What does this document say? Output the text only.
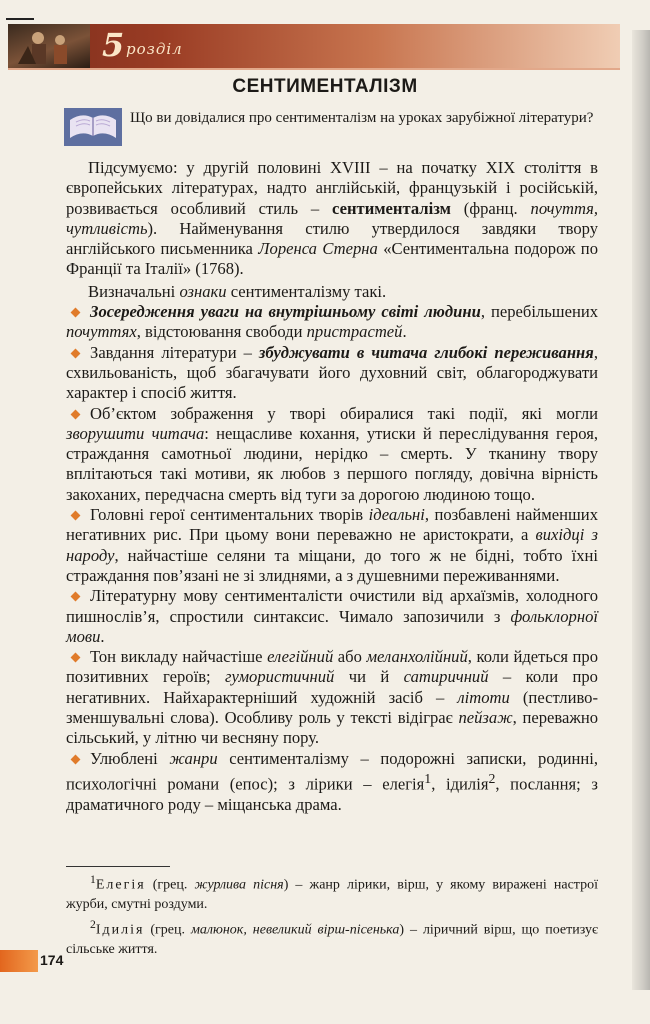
5 розділ
СЕНТИМЕНТАЛІЗМ
Що ви довідалися про сентименталізм на уроках зарубіжної літератури?

Підсумуємо: у другій половині XVIII – на початку XIX століття в європейських літературах, надто англійській, французькій і російській, розвивається особливий стиль – сентименталізм (франц. почуття, чутливість). Найменування стилю утвердилося завдяки твору англійського письменника Лоренса Стерна «Сентиментальна подорож по Франції та Італії» (1768).

Визначальні ознаки сентименталізму такі.

Зосередження уваги на внутрішньому світі людини, перебільшених почуттях, відстоювання свободи пристрастей.

Завдання літератури – збуджувати в читача глибокі переживання, схвильованість, щоб збагачувати його духовний світ, облагороджувати характер і спосіб життя.

Об’єктом зображення у творі обиралися такі події, які могли зворушити читача: нещасливе кохання, утиски й переслідування героя, страждання самотньої людини, нерідко – смерть. У тканину твору вплітаються такі мотиви, як любов з першого погляду, довічна вірність закоханих, передчасна смерть від туги за дорогою людиною тощо.

Головні герої сентиментальних творів ідеальні, позбавлені найменших негативних рис. При цьому вони переважно не аристократи, а вихідці з народу, найчастіше селяни та міщани, до того ж не бідні, тобто їхні страждання пов’язані не зі злиднями, а з душевними переживаннями.

Літературну мову сентименталісти очистили від архаїзмів, холодного пишнослів’я, спростили синтаксис. Чимало запозичили з фольклорної мови.

Тон викладу найчастіше елегійний або меланхолійний, коли йдеться про позитивних героїв; гумористичний чи й сатиричний – коли про негативних. Найхарактерніший художній засіб – літоти (пестливо-зменшувальні слова). Особливу роль у тексті відіграє пейзаж, переважно сільський, у літню чи весняну пору.

Улюблені жанри сентименталізму – подорожні записки, родинні, психологічні романи (епос); з лірики – елегія$^1$, ідилія$^2$, послання; з драматичного роду – міщанська драма.

$^1$Елегія (грец. журлива пісня) – жанр лірики, вірш, у якому виражені настрої журби, смутні роздуми.

$^2$Ідилія (грец. малюнок, невеликий вірш-пісенька) – ліричний вірш, що поетизує сільське життя.

174
